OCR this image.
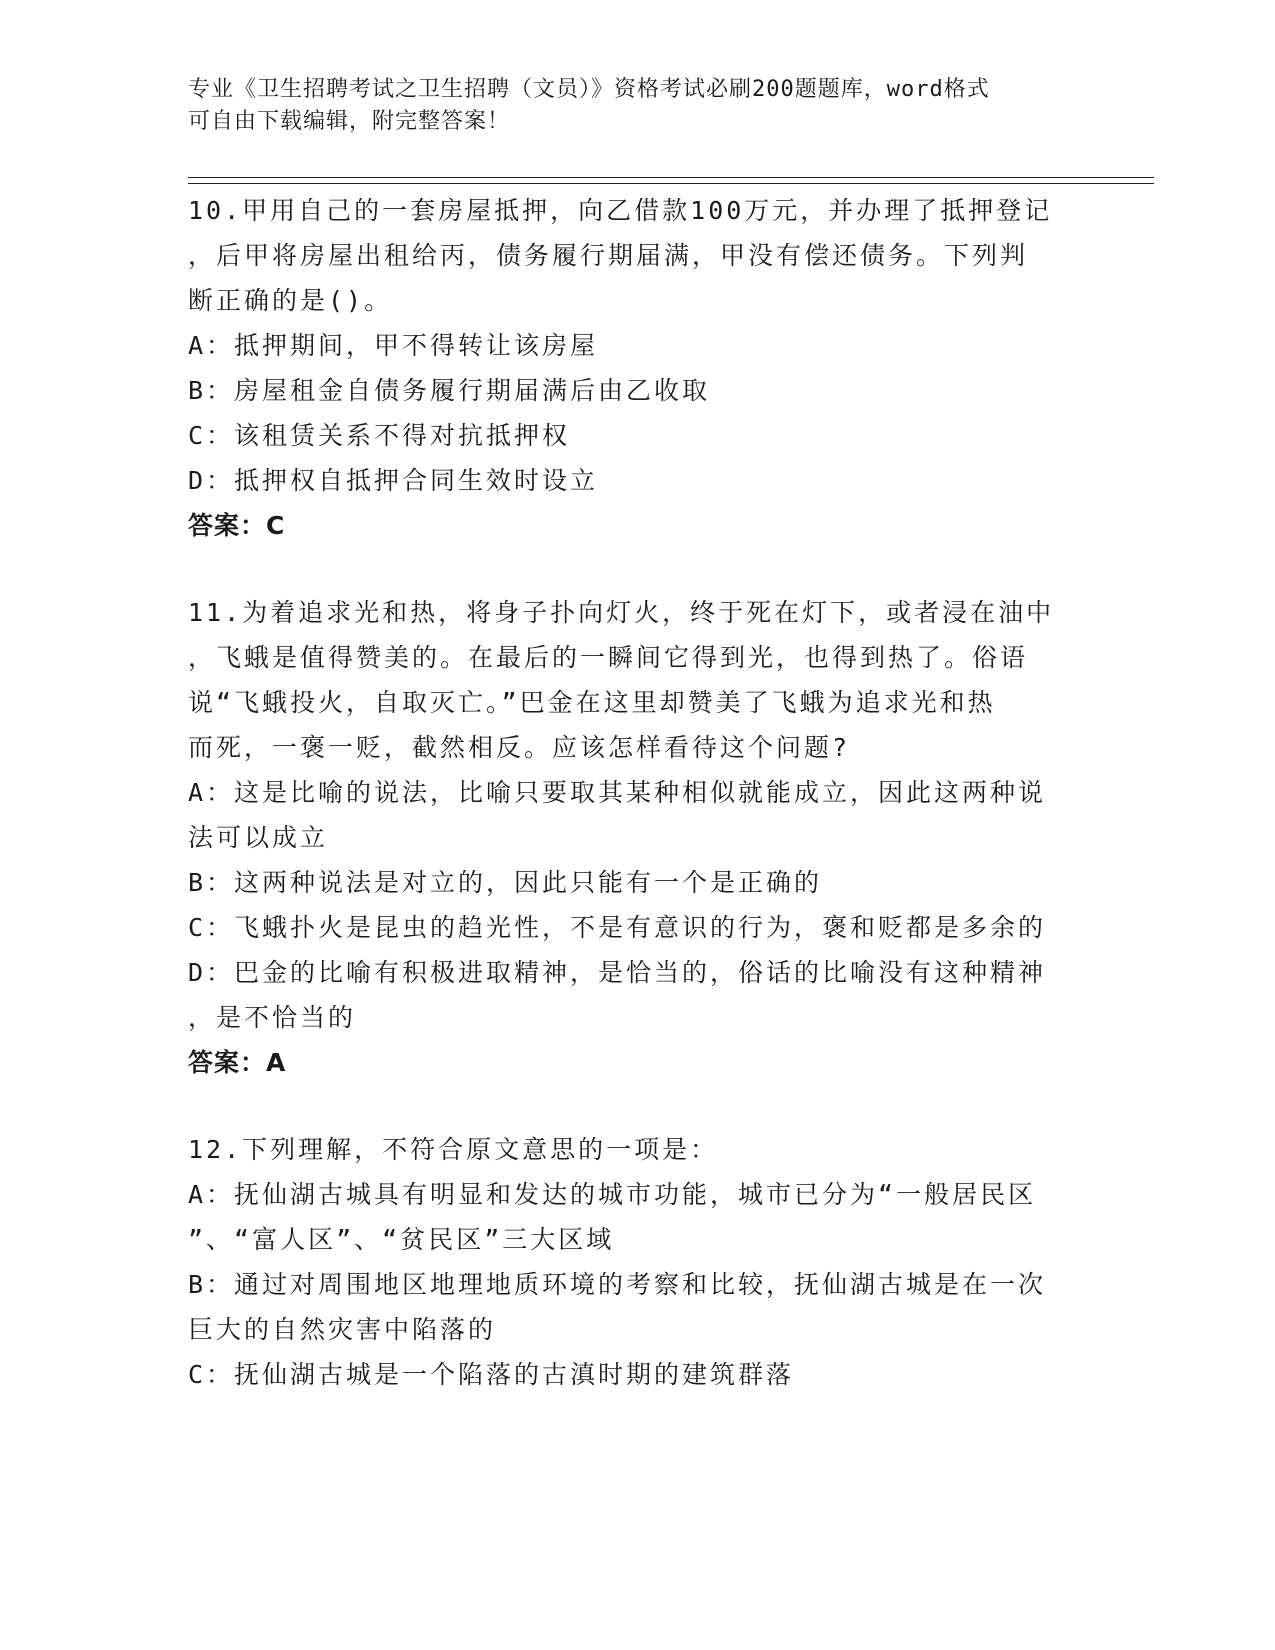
专业《卫生招聘考试之卫生招聘（文员）》资格考试必刷200题题库，word格式
可自由下载编辑，附完整答案！
10.甲用自己的一套房屋抵押，向乙借款100万元，并办理了抵押登记
，后甲将房屋出租给丙，债务履行期届满，甲没有偿还债务。下列判
断正确的是()。
A：抵押期间，甲不得转让该房屋
B：房屋租金自债务履行期届满后由乙收取
C：该租赁关系不得对抗抵押权
D：抵押权自抵押合同生效时设立
答案：C
11.为着追求光和热，将身子扑向灯火，终于死在灯下，或者浸在油中
，飞蛾是值得赞美的。在最后的一瞬间它得到光，也得到热了。俗语
说“飞蛾投火，自取灭亡。”巴金在这里却赞美了飞蛾为追求光和热
而死，一褒一贬，截然相反。应该怎样看待这个问题?
A：这是比喻的说法，比喻只要取其某种相似就能成立，因此这两种说
法可以成立
B：这两种说法是对立的，因此只能有一个是正确的
C：飞蛾扑火是昆虫的趋光性，不是有意识的行为，褒和贬都是多余的
D：巴金的比喻有积极进取精神，是恰当的，俗话的比喻没有这种精神
，是不恰当的
答案：A
12.下列理解，不符合原文意思的一项是：
A：抚仙湖古城具有明显和发达的城市功能，城市已分为“一般居民区
”、“富人区”、“贫民区”三大区域
B：通过对周围地区地理地质环境的考察和比较，抚仙湖古城是在一次
巨大的自然灾害中陷落的
C：抚仙湖古城是一个陷落的古滇时期的建筑群落
